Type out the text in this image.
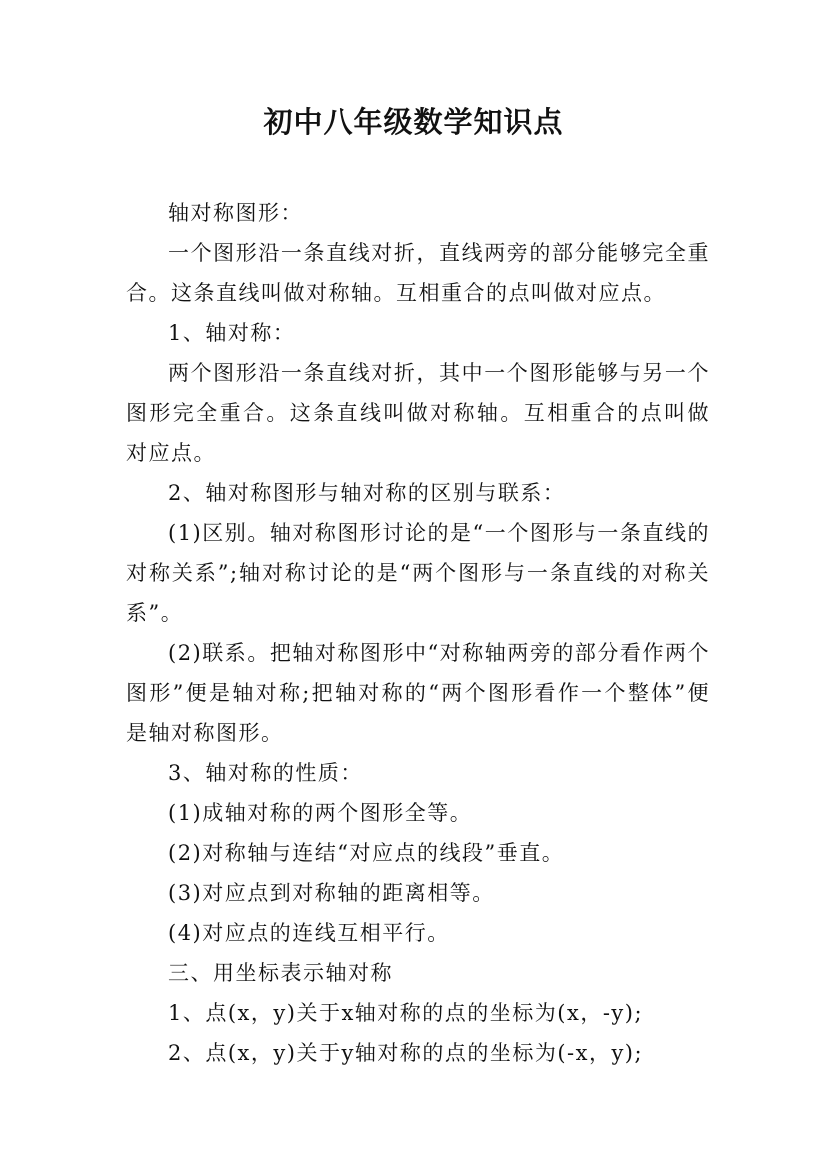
初中八年级数学知识点

轴对称图形：

一个图形沿一条直线对折，直线两旁的部分能够完全重合。这条直线叫做对称轴。互相重合的点叫做对应点。

1、轴对称：

两个图形沿一条直线对折，其中一个图形能够与另一个图形完全重合。这条直线叫做对称轴。互相重合的点叫做对应点。

2、轴对称图形与轴对称的区别与联系：

(1)区别。轴对称图形讨论的是“一个图形与一条直线的对称关系”;轴对称讨论的是“两个图形与一条直线的对称关系”。

(2)联系。把轴对称图形中“对称轴两旁的部分看作两个图形”便是轴对称;把轴对称的“两个图形看作一个整体”便是轴对称图形。

3、轴对称的性质：

(1)成轴对称的两个图形全等。

(2)对称轴与连结“对应点的线段”垂直。

(3)对应点到对称轴的距离相等。

(4)对应点的连线互相平行。

三、用坐标表示轴对称

1、点(x，y)关于x轴对称的点的坐标为(x，-y);

2、点(x，y)关于y轴对称的点的坐标为(-x，y);
